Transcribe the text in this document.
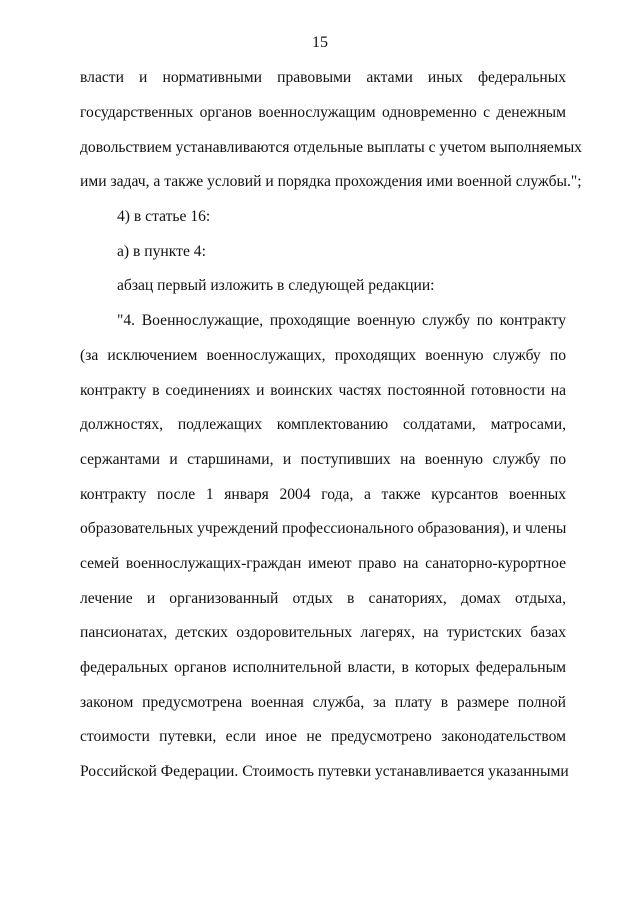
15
власти и нормативными правовыми актами иных федеральных
государственных органов военнослужащим одновременно с денежным
довольствием устанавливаются отдельные выплаты с учетом выполняемых
ими задач, а также условий и порядка прохождения ими военной службы.";
4) в статье 16:
а) в пункте 4:
абзац первый изложить в следующей редакции:
"4. Военнослужащие, проходящие военную службу по контракту
(за исключением военнослужащих, проходящих военную службу по
контракту в соединениях и воинских частях постоянной готовности на
должностях, подлежащих комплектованию солдатами, матросами,
сержантами и старшинами, и поступивших на военную службу по
контракту после 1 января 2004 года, а также курсантов военных
образовательных учреждений профессионального образования), и члены
семей военнослужащих-граждан имеют право на санаторно-курортное
лечение и организованный отдых в санаториях, домах отдыха,
пансионатах, детских оздоровительных лагерях, на туристских базах
федеральных органов исполнительной власти, в которых федеральным
законом предусмотрена военная служба, за плату в размере полной
стоимости путевки, если иное не предусмотрено законодательством
Российской Федерации. Стоимость путевки устанавливается указанными
